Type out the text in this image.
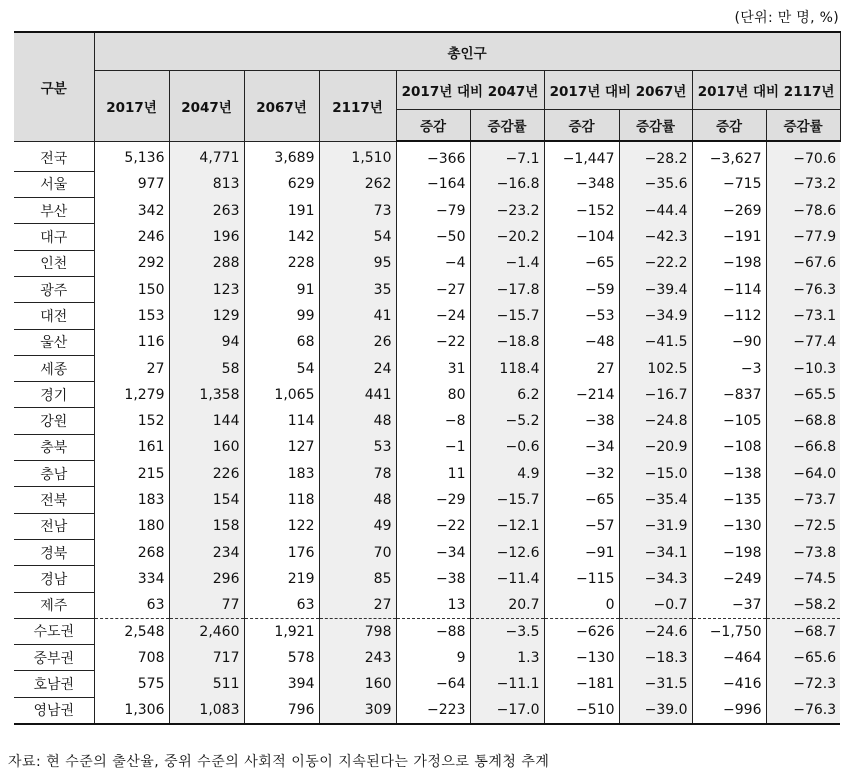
(단위: 만 명, %)
구분	총인구									
	2017년	2047년	2067년	2117년	2017년 대비 2047년		2017년 대비 2067년		2017년 대비 2117년	
					증감	증감률	증감	증감률	증감	증감률
전국	5,136	4,771	3,689	1,510	−366	−7.1	−1,447	−28.2	−3,627	−70.6
서울	977	813	629	262	−164	−16.8	−348	−35.6	−715	−73.2
부산	342	263	191	73	−79	−23.2	−152	−44.4	−269	−78.6
대구	246	196	142	54	−50	−20.2	−104	−42.3	−191	−77.9
인천	292	288	228	95	−4	−1.4	−65	−22.2	−198	−67.6
광주	150	123	91	35	−27	−17.8	−59	−39.4	−114	−76.3
대전	153	129	99	41	−24	−15.7	−53	−34.9	−112	−73.1
울산	116	94	68	26	−22	−18.8	−48	−41.5	−90	−77.4
세종	27	58	54	24	31	118.4	27	102.5	−3	−10.3
경기	1,279	1,358	1,065	441	80	6.2	−214	−16.7	−837	−65.5
강원	152	144	114	48	−8	−5.2	−38	−24.8	−105	−68.8
충북	161	160	127	53	−1	−0.6	−34	−20.9	−108	−66.8
충남	215	226	183	78	11	4.9	−32	−15.0	−138	−64.0
전북	183	154	118	48	−29	−15.7	−65	−35.4	−135	−73.7
전남	180	158	122	49	−22	−12.1	−57	−31.9	−130	−72.5
경북	268	234	176	70	−34	−12.6	−91	−34.1	−198	−73.8
경남	334	296	219	85	−38	−11.4	−115	−34.3	−249	−74.5
제주	63	77	63	27	13	20.7	0	−0.7	−37	−58.2
수도권	2,548	2,460	1,921	798	−88	−3.5	−626	−24.6	−1,750	−68.7
중부권	708	717	578	243	9	1.3	−130	−18.3	−464	−65.6
호남권	575	511	394	160	−64	−11.1	−181	−31.5	−416	−72.3
영남권	1,306	1,083	796	309	−223	−17.0	−510	−39.0	−996	−76.3
자료: 현 수준의 출산율, 중위 수준의 사회적 이동이 지속된다는 가정으로 통계청 추계
